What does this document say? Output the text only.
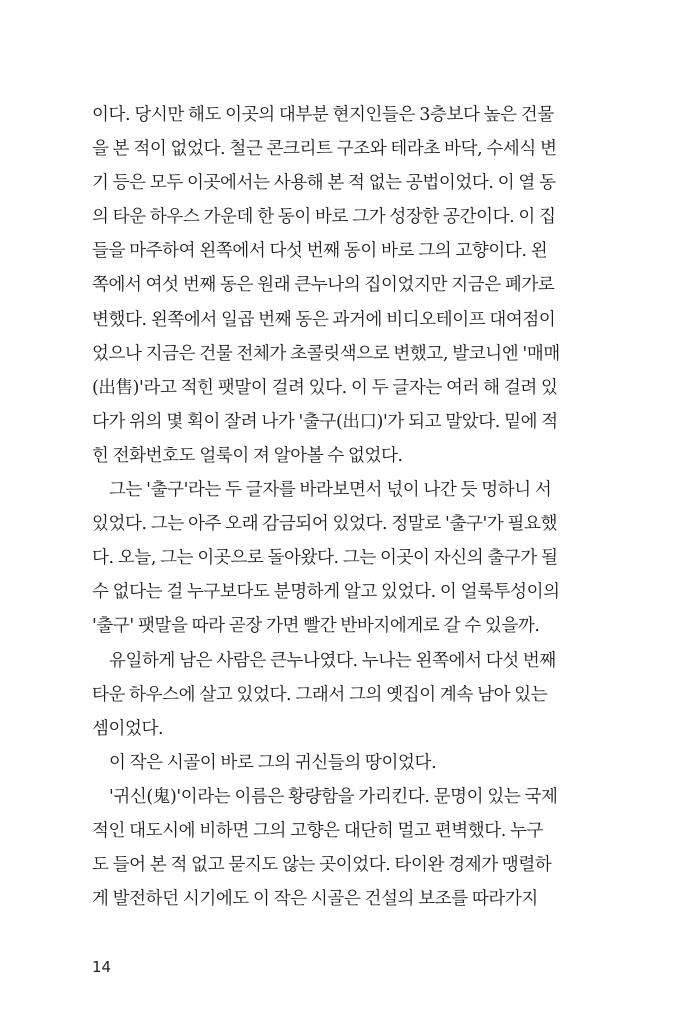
이다. 당시만 해도 이곳의 대부분 현지인들은 3층보다 높은 건물
을 본 적이 없었다. 철근 콘크리트 구조와 테라초 바닥, 수세식 변
기 등은 모두 이곳에서는 사용해 본 적 없는 공법이었다. 이 열 동
의 타운 하우스 가운데 한 동이 바로 그가 성장한 공간이다. 이 집
들을 마주하여 왼쪽에서 다섯 번째 동이 바로 그의 고향이다. 왼
쪽에서 여섯 번째 동은 원래 큰누나의 집이었지만 지금은 폐가로
변했다. 왼쪽에서 일곱 번째 동은 과거에 비디오테이프 대여점이
었으나 지금은 건물 전체가 초콜릿색으로 변했고, 발코니엔 '매매
(出售)'라고 적힌 팻말이 걸려 있다. 이 두 글자는 여러 해 걸려 있
다가 위의 몇 획이 잘려 나가 '출구(出口)'가 되고 말았다. 밑에 적
힌 전화번호도 얼룩이 져 알아볼 수 없었다.
그는 '출구'라는 두 글자를 바라보면서 넋이 나간 듯 멍하니 서
있었다. 그는 아주 오래 감금되어 있었다. 정말로 '출구'가 필요했
다. 오늘, 그는 이곳으로 돌아왔다. 그는 이곳이 자신의 출구가 될
수 없다는 걸 누구보다도 분명하게 알고 있었다. 이 얼룩투성이의
'출구' 팻말을 따라 곧장 가면 빨간 반바지에게로 갈 수 있을까.
유일하게 남은 사람은 큰누나였다. 누나는 왼쪽에서 다섯 번째
타운 하우스에 살고 있었다. 그래서 그의 옛집이 계속 남아 있는
셈이었다.
이 작은 시골이 바로 그의 귀신들의 땅이었다.
'귀신(鬼)'이라는 이름은 황량함을 가리킨다. 문명이 있는 국제
적인 대도시에 비하면 그의 고향은 대단히 멀고 편벽했다. 누구
도 들어 본 적 없고 묻지도 않는 곳이었다. 타이완 경제가 맹렬하
게 발전하던 시기에도 이 작은 시골은 건설의 보조를 따라가지
14
